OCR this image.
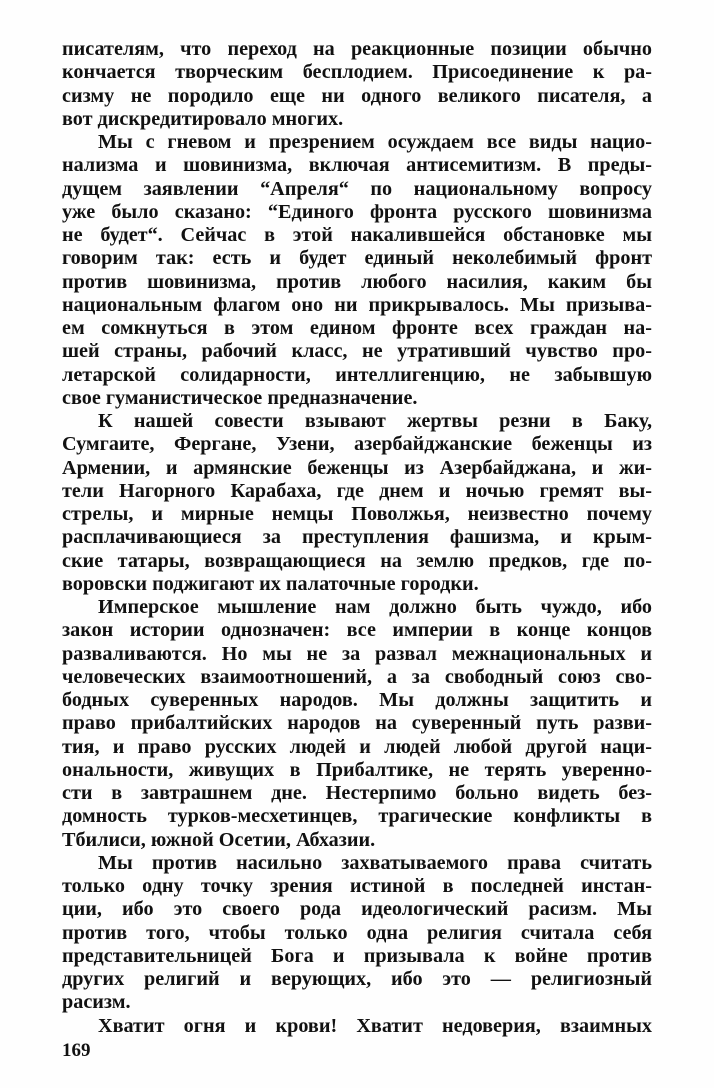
писателям, что переход на реакционные позиции обычно
кончается творческим бесплодием. Присоединение к ра-
сизму не породило еще ни одного великого писателя, а
вот дискредитировало многих.
Мы с гневом и презрением осуждаем все виды нацио-
нализма и шовинизма, включая антисемитизм. В преды-
дущем заявлении “Апреля“ по национальному вопросу
уже было сказано: “Единого фронта русского шовинизма
не будет“. Сейчас в этой накалившейся обстановке мы
говорим так: есть и будет единый неколебимый фронт
против шовинизма, против любого насилия, каким бы
национальным флагом оно ни прикрывалось. Мы призыва-
ем сомкнуться в этом едином фронте всех граждан на-
шей страны, рабочий класс, не утративший чувство про-
летарской солидарности, интеллигенцию, не забывшую
свое гуманистическое предназначение.
К нашей совести взывают жертвы резни в Баку,
Сумгаите, Фергане, Узени, азербайджанские беженцы из
Армении, и армянские беженцы из Азербайджана, и жи-
тели Нагорного Карабаха, где днем и ночью гремят вы-
стрелы, и мирные немцы Поволжья, неизвестно почему
расплачивающиеся за преступления фашизма, и крым-
ские татары, возвращающиеся на землю предков, где по-
воровски поджигают их палаточные городки.
Имперское мышление нам должно быть чуждо, ибо
закон истории однозначен: все империи в конце концов
разваливаются. Но мы не за развал межнациональных и
человеческих взаимоотношений, а за свободный союз сво-
бодных суверенных народов. Мы должны защитить и
право прибалтийских народов на суверенный путь разви-
тия, и право русских людей и людей любой другой наци-
ональности, живущих в Прибалтике, не терять уверенно-
сти в завтрашнем дне. Нестерпимо больно видеть без-
домность турков-месхетинцев, трагические конфликты в
Тбилиси, южной Осетии, Абхазии.
Мы против насильно захватываемого права считать
только одну точку зрения истиной в последней инстан-
ции, ибо это своего рода идеологический расизм. Мы
против того, чтобы только одна религия считала себя
представительницей Бога и призывала к войне против
других религий и верующих, ибо это — религиозный
расизм.
Хватит огня и крови! Хватит недоверия, взаимных
169
